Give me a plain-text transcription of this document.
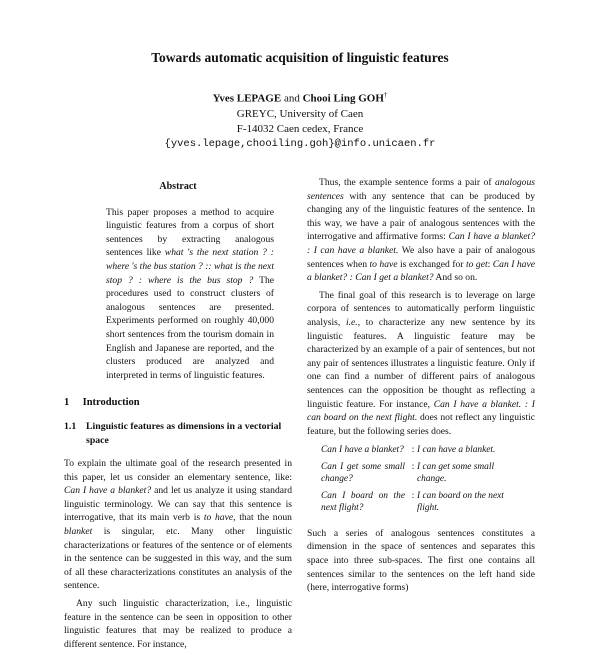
Towards automatic acquisition of linguistic features
Yves LEPAGE and Chooi Ling GOH†
GREYC, University of Caen
F-14032 Caen cedex, France
{yves.lepage,chooiling.goh}@info.unicaen.fr
Abstract

This paper proposes a method to acquire linguistic features from a corpus of short sentences by extracting analogous sentences like what 's the next station ? : where 's the bus station ? :: what is the next stop ? : where is the bus stop ? The procedures used to construct clusters of analogous sentences are presented. Experiments performed on roughly 40,000 short sentences from the tourism domain in English and Japanese are reported, and the clusters produced are analyzed and interpreted in terms of linguistic features.

1 Introduction
1.1 Linguistic features as dimensions in a vectorial space

To explain the ultimate goal of the research presented in this paper, let us consider an elementary sentence, like: Can I have a blanket? and let us analyze it using standard linguistic terminology. We can say that this sentence is interrogative, that its main verb is to have, that the noun blanket is singular, etc. Many other linguistic characterizations or features of the sentence or of elements in the sentence can be suggested in this way, and the sum of all these characterizations constitutes an analysis of the sentence.

Any such linguistic characterization, i.e., linguistic feature in the sentence can be seen in opposition to other linguistic features that may be realized to produce a different sentence. For instance,

Thus, the example sentence forms a pair of analogous sentences with any sentence that can be produced by changing any of the linguistic features of the sentence. In this way, we have a pair of analogous sentences with the interrogative and affirmative forms: Can I have a blanket? : I can have a blanket. We also have a pair of analogous sentences when to have is exchanged for to get: Can I have a blanket? : Can I get a blanket? And so on.

The final goal of this research is to leverage on large corpora of sentences to automatically perform linguistic analysis, i.e., to characterize any new sentence by its linguistic features. A linguistic feature may be characterized by an example of a pair of sentences, but not any pair of sentences illustrates a linguistic feature. Only if one can find a number of different pairs of analogous sentences can the opposition be thought as reflecting a linguistic feature. For instance, Can I have a blanket. : I can board on the next flight. does not reflect any linguistic feature, but the following series does.

Can I have a blanket?	:	I can have a blanket.
Can I get some small change?	:	I can get some small change.
Can I board on the next flight?	:	I can board on the next flight.

Such a series of analogous sentences constitutes a dimension in the space of sentences and separates this space into three sub-spaces. The first one contains all sentences similar to the sentences on the left hand side (here, interrogative forms)
